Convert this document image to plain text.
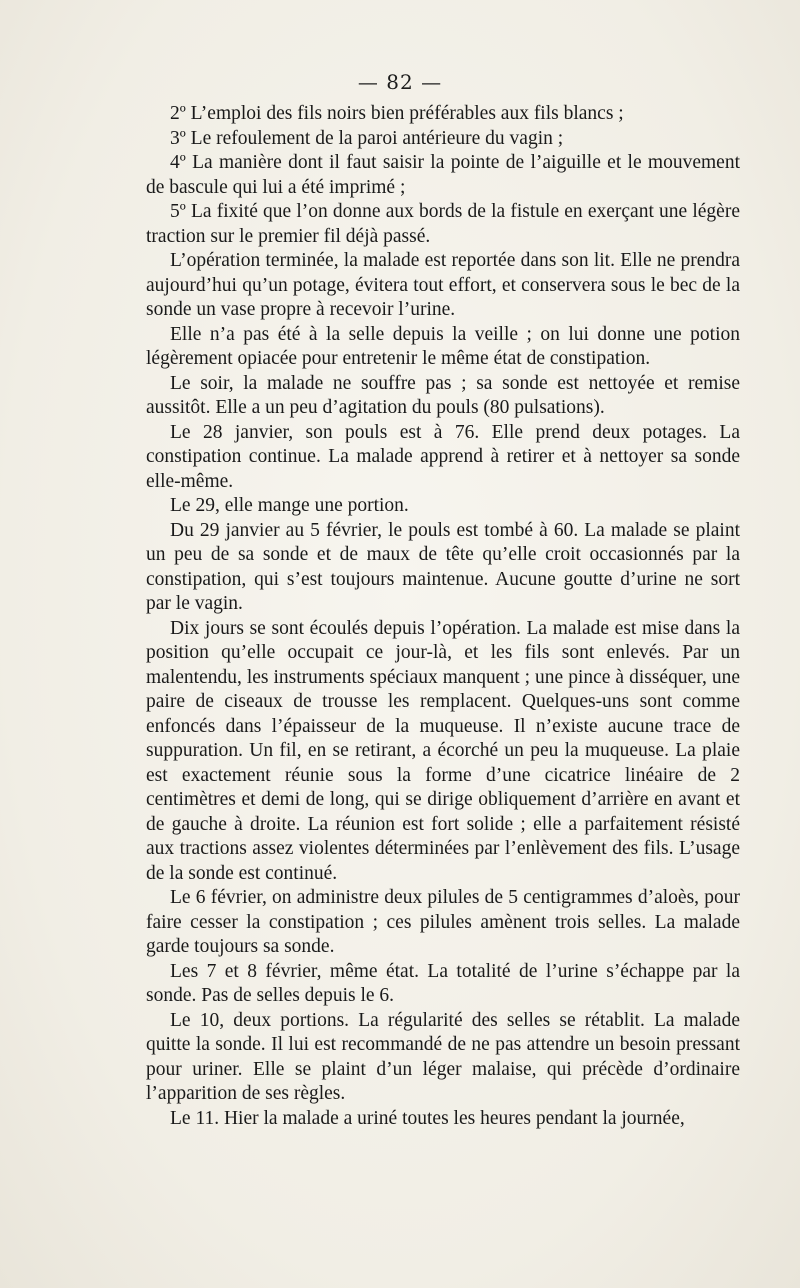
— 82 —

2º L’emploi des fils noirs bien préférables aux fils blancs ;

3º Le refoulement de la paroi antérieure du vagin ;

4º La manière dont il faut saisir la pointe de l’aiguille et le mouvement de bascule qui lui a été imprimé ;

5º La fixité que l’on donne aux bords de la fistule en exerçant une légère traction sur le premier fil déjà passé.

L’opération terminée, la malade est reportée dans son lit. Elle ne prendra aujourd’hui qu’un potage, évitera tout effort, et conservera sous le bec de la sonde un vase propre à recevoir l’urine.

Elle n’a pas été à la selle depuis la veille ; on lui donne une potion légèrement opiacée pour entretenir le même état de constipation.

Le soir, la malade ne souffre pas ; sa sonde est nettoyée et remise aussitôt. Elle a un peu d’agitation du pouls (80 pulsations).

Le 28 janvier, son pouls est à 76. Elle prend deux potages. La constipation continue. La malade apprend à retirer et à nettoyer sa sonde elle-même.

Le 29, elle mange une portion.

Du 29 janvier au 5 février, le pouls est tombé à 60. La malade se plaint un peu de sa sonde et de maux de tête qu’elle croit occasionnés par la constipation, qui s’est toujours maintenue. Aucune goutte d’urine ne sort par le vagin.

Dix jours se sont écoulés depuis l’opération. La malade est mise dans la position qu’elle occupait ce jour-là, et les fils sont enlevés. Par un malentendu, les instruments spéciaux manquent ; une pince à disséquer, une paire de ciseaux de trousse les remplacent. Quelques-uns sont comme enfoncés dans l’épaisseur de la muqueuse. Il n’existe aucune trace de suppuration. Un fil, en se retirant, a écorché un peu la muqueuse. La plaie est exactement réunie sous la forme d’une cicatrice linéaire de 2 centimètres et demi de long, qui se dirige obliquement d’arrière en avant et de gauche à droite. La réunion est fort solide ; elle a parfaitement résisté aux tractions assez violentes déterminées par l’enlèvement des fils. L’usage de la sonde est continué.

Le 6 février, on administre deux pilules de 5 centigrammes d’aloès, pour faire cesser la constipation ; ces pilules amènent trois selles. La malade garde toujours sa sonde.

Les 7 et 8 février, même état. La totalité de l’urine s’échappe par la sonde. Pas de selles depuis le 6.

Le 10, deux portions. La régularité des selles se rétablit. La malade quitte la sonde. Il lui est recommandé de ne pas attendre un besoin pressant pour uriner. Elle se plaint d’un léger malaise, qui précède d’ordinaire l’apparition de ses règles.

Le 11. Hier la malade a uriné toutes les heures pendant la journée,
